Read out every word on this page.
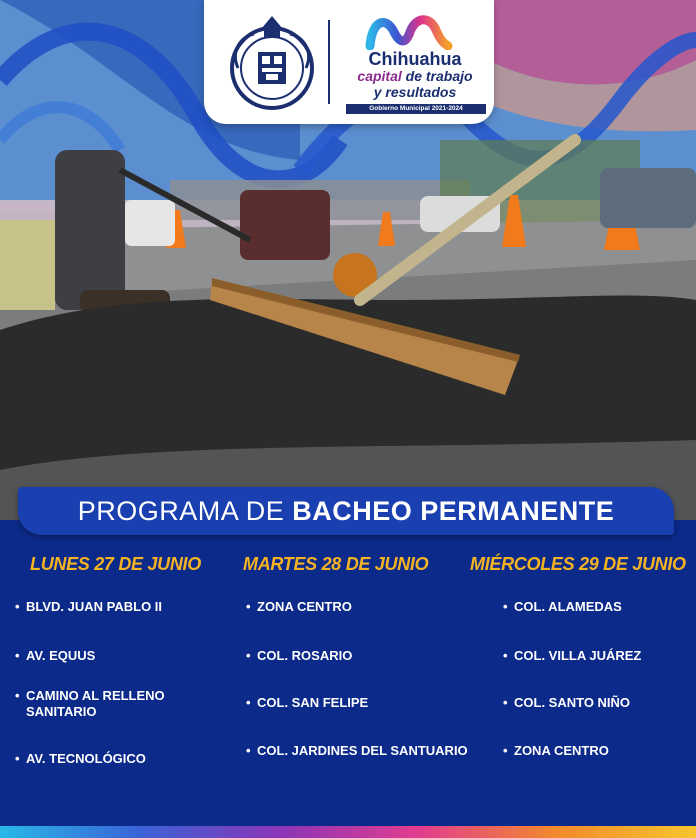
Chihuahua
capital de trabajo
y resultados
Gobierno Municipal 2021-2024
PROGRAMA DE BACHEO PERMANENTE
LUNES 27 DE JUNIO
• BLVD. JUAN PABLO II
• AV. EQUUS
• CAMINO AL RELLENO SANITARIO
• AV. TECNOLÓGICO
MARTES 28 DE JUNIO
• ZONA CENTRO
• COL. ROSARIO
• COL. SAN FELIPE
• COL. JARDINES DEL SANTUARIO
MIÉRCOLES 29 DE JUNIO
• COL. ALAMEDAS
• COL. VILLA JUÁREZ
• COL. SANTO NIÑO
• ZONA CENTRO
